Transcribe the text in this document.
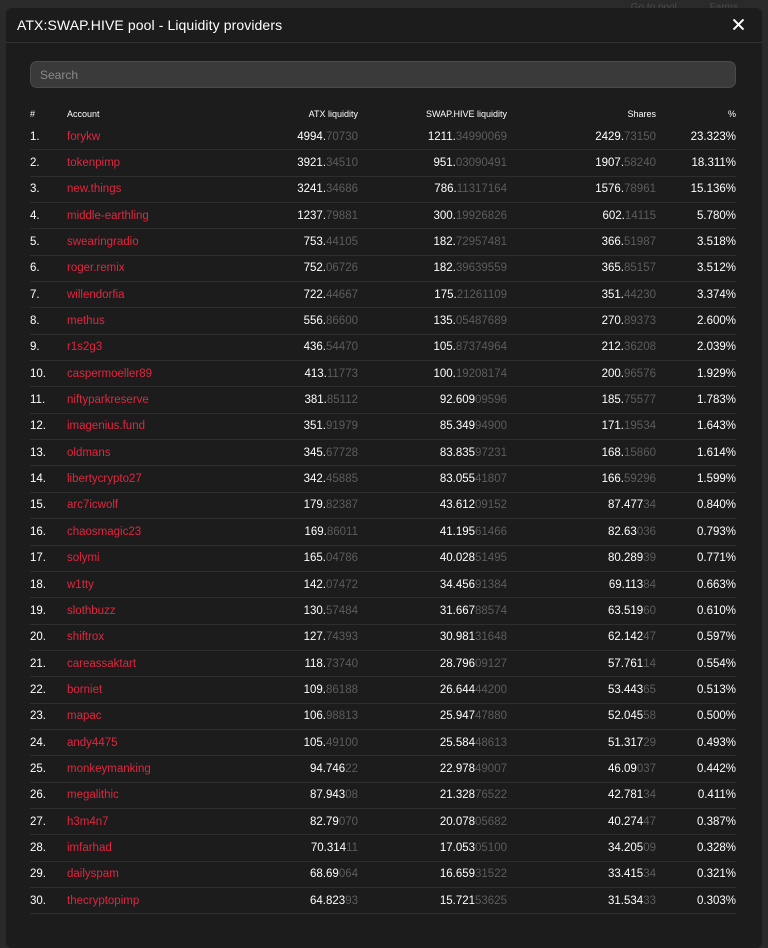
ATX:SWAP.HIVE pool - Liquidity providers
Search
#	Account	ATX liquidity	SWAP.HIVE liquidity	Shares	%
1.	forykw	4994. 70730	1211. 34990069	2429. 73150	23.323%
2.	tokenpimp	3921. 34510	951. 03090491	1907. 58240	18.311%
3.	new.things	3241. 34686	786. 11317164	1576. 78961	15.136%
4.	middle-earthling	1237. 79881	300. 19926826	602. 14115	5.780%
5.	swearingradio	753. 44105	182. 72957481	366. 51987	3.518%
6.	roger.remix	752. 06726	182. 39639559	365. 85157	3.512%
7.	willendorfia	722. 44667	175. 21261109	351. 44230	3.374%
8.	methus	556. 86600	135. 05487689	270. 89373	2.600%
9.	r1s2g3	436. 54470	105. 87374964	212. 36208	2.039%
10.	caspermoeller89	413. 11773	100. 19208174	200. 96576	1.929%
11.	niftyparkreserve	381. 85112	92.609 09596	185. 75577	1.783%
12.	imagenius.fund	351. 91979	85.349 94900	171. 19534	1.643%
13.	oldmans	345. 67728	83.835 97231	168. 15860	1.614%
14.	libertycrypto27	342. 45885	83.055 41807	166. 59296	1.599%
15.	arc7icwolf	179. 82387	43.612 09152	87.477 34	0.840%
16.	chaosmagic23	169. 86011	41.195 61466	82.63 036	0.793%
17.	solymi	165. 04786	40.028 51495	80.289 39	0.771%
18.	w1tty	142. 07472	34.456 91384	69.113 84	0.663%
19.	slothbuzz	130. 57484	31.667 88574	63.519 60	0.610%
20.	shiftrox	127. 74393	30.981 31648	62.142 47	0.597%
21.	careassaktart	118. 73740	28.796 09127	57.761 14	0.554%
22.	borniet	109. 86188	26.644 44200	53.443 65	0.513%
23.	mapac	106. 98813	25.947 47880	52.045 58	0.500%
24.	andy4475	105. 49100	25.584 48613	51.317 29	0.493%
25.	monkeymanking	94.746 22	22.978 49007	46.09 037	0.442%
26.	megalithic	87.943 08	21.328 76522	42.781 34	0.411%
27.	h3m4n7	82.79 070	20.078 05682	40.274 47	0.387%
28.	imfarhad	70.314 11	17.053 05100	34.205 09	0.328%
29.	dailyspam	68.69 064	16.659 31522	33.415 34	0.321%
30.	thecryptopimp	64.823 93	15.721 53625	31.534 33	0.303%
